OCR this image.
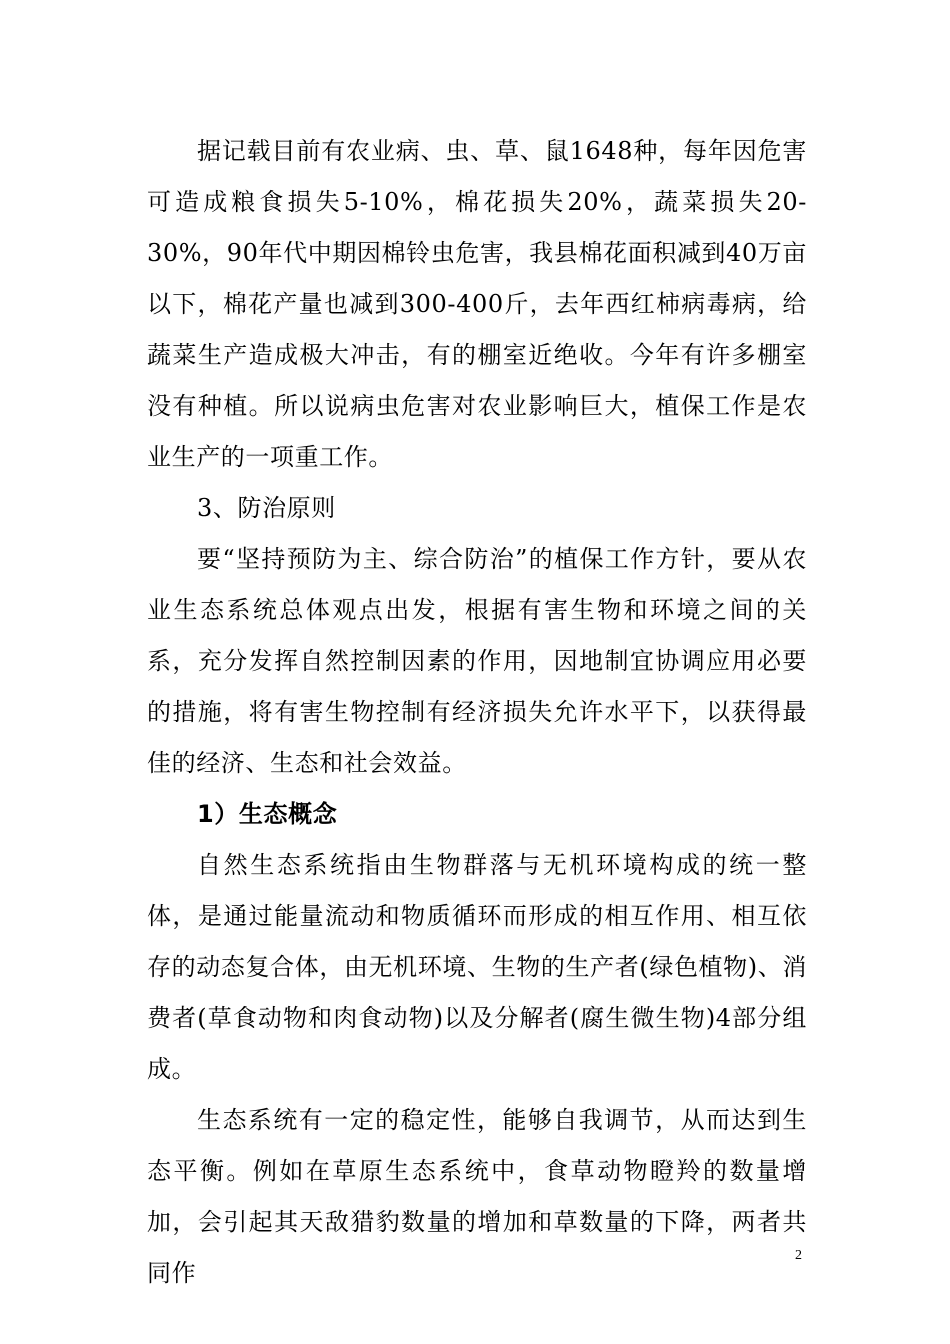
据记载目前有农业病、虫、草、鼠1648种，每年因危害可造成粮食损失5-10%，棉花损失20%，蔬菜损失20-30%，90年代中期因棉铃虫危害，我县棉花面积减到40万亩以下，棉花产量也减到300-400斤，去年西红柿病毒病，给蔬菜生产造成极大冲击，有的棚室近绝收。今年有许多棚室没有种植。所以说病虫危害对农业影响巨大，植保工作是农业生产的一项重工作。

3、防治原则

要“坚持预防为主、综合防治”的植保工作方针，要从农业生态系统总体观点出发，根据有害生物和环境之间的关系，充分发挥自然控制因素的作用，因地制宜协调应用必要的措施，将有害生物控制有经济损失允许水平下，以获得最佳的经济、生态和社会效益。

1）生态概念

自然生态系统指由生物群落与无机环境构成的统一整体，是通过能量流动和物质循环而形成的相互作用、相互依存的动态复合体，由无机环境、生物的生产者(绿色植物)、消费者(草食动物和肉食动物)以及分解者(腐生微生物)4部分组成。

生态系统有一定的稳定性，能够自我调节，从而达到生态平衡。例如在草原生态系统中，食草动物瞪羚的数量增加，会引起其天敌猎豹数量的增加和草数量的下降，两者共同作

2
